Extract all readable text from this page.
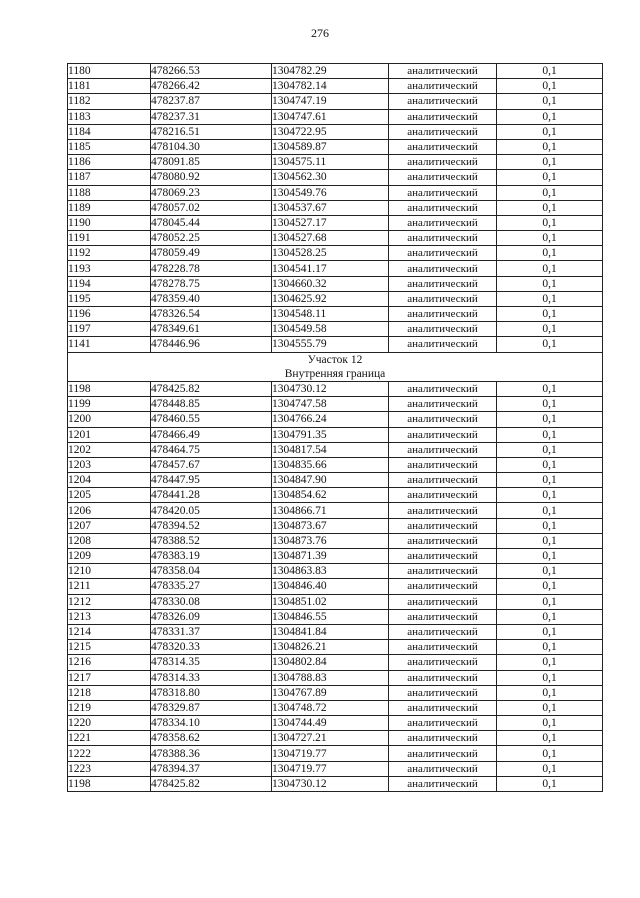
276
1180	478266.53	1304782.29	аналитический	0,1
1181	478266.42	1304782.14	аналитический	0,1
1182	478237.87	1304747.19	аналитический	0,1
1183	478237.31	1304747.61	аналитический	0,1
1184	478216.51	1304722.95	аналитический	0,1
1185	478104.30	1304589.87	аналитический	0,1
1186	478091.85	1304575.11	аналитический	0,1
1187	478080.92	1304562.30	аналитический	0,1
1188	478069.23	1304549.76	аналитический	0,1
1189	478057.02	1304537.67	аналитический	0,1
1190	478045.44	1304527.17	аналитический	0,1
1191	478052.25	1304527.68	аналитический	0,1
1192	478059.49	1304528.25	аналитический	0,1
1193	478228.78	1304541.17	аналитический	0,1
1194	478278.75	1304660.32	аналитический	0,1
1195	478359.40	1304625.92	аналитический	0,1
1196	478326.54	1304548.11	аналитический	0,1
1197	478349.61	1304549.58	аналитический	0,1
1141	478446.96	1304555.79	аналитический	0,1
Участок 12				
Внутренняя граница				
1198	478425.82	1304730.12	аналитический	0,1
1199	478448.85	1304747.58	аналитический	0,1
1200	478460.55	1304766.24	аналитический	0,1
1201	478466.49	1304791.35	аналитический	0,1
1202	478464.75	1304817.54	аналитический	0,1
1203	478457.67	1304835.66	аналитический	0,1
1204	478447.95	1304847.90	аналитический	0,1
1205	478441.28	1304854.62	аналитический	0,1
1206	478420.05	1304866.71	аналитический	0,1
1207	478394.52	1304873.67	аналитический	0,1
1208	478388.52	1304873.76	аналитический	0,1
1209	478383.19	1304871.39	аналитический	0,1
1210	478358.04	1304863.83	аналитический	0,1
1211	478335.27	1304846.40	аналитический	0,1
1212	478330.08	1304851.02	аналитический	0,1
1213	478326.09	1304846.55	аналитический	0,1
1214	478331.37	1304841.84	аналитический	0,1
1215	478320.33	1304826.21	аналитический	0,1
1216	478314.35	1304802.84	аналитический	0,1
1217	478314.33	1304788.83	аналитический	0,1
1218	478318.80	1304767.89	аналитический	0,1
1219	478329.87	1304748.72	аналитический	0,1
1220	478334.10	1304744.49	аналитический	0,1
1221	478358.62	1304727.21	аналитический	0,1
1222	478388.36	1304719.77	аналитический	0,1
1223	478394.37	1304719.77	аналитический	0,1
1198	478425.82	1304730.12	аналитический	0,1
